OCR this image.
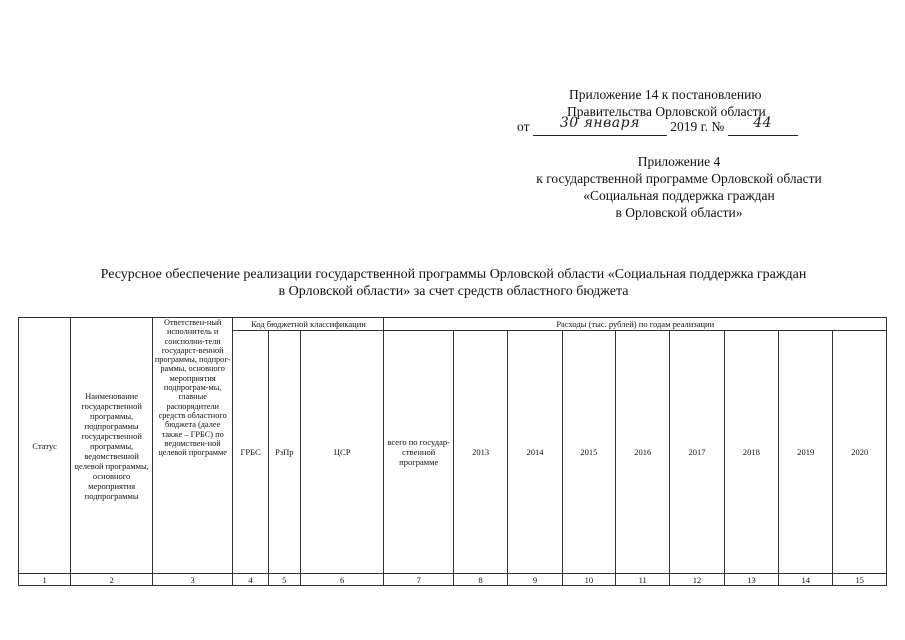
Приложение 14 к постановлению
Правительства Орловской области
от	30 января	2019 г. №	44
Приложение 4
к государственной программе Орловской области
«Социальная поддержка граждан
в Орловской области»
Ресурсное обеспечение реализации государственной программы Орловской области «Социальная поддержка граждан
в Орловской области» за счет средств областного бюджета
Статус	Наименование государственной программы, подпрограммы государственной программы, ведомственной целевой программы, основного мероприятия подпрограммы	Ответствен-ный исполнитель и соисполни-тели государст-венной программы, подпрог-раммы, основного мероприятия подпрограм-мы, главные распорядители средств областного бюджета (далее также – ГРБС) по ведомствен-ной целевой программе	Код бюджетной классификации			Расходы (тыс. рублей) по годам реализации								
			ГРБС	РзПр	ЦСР	всего по государ-ственной программе	2013	2014	2015	2016	2017	2018	2019	2020
1	2	3	4	5	6	7	8	9	10	11	12	13	14	15
